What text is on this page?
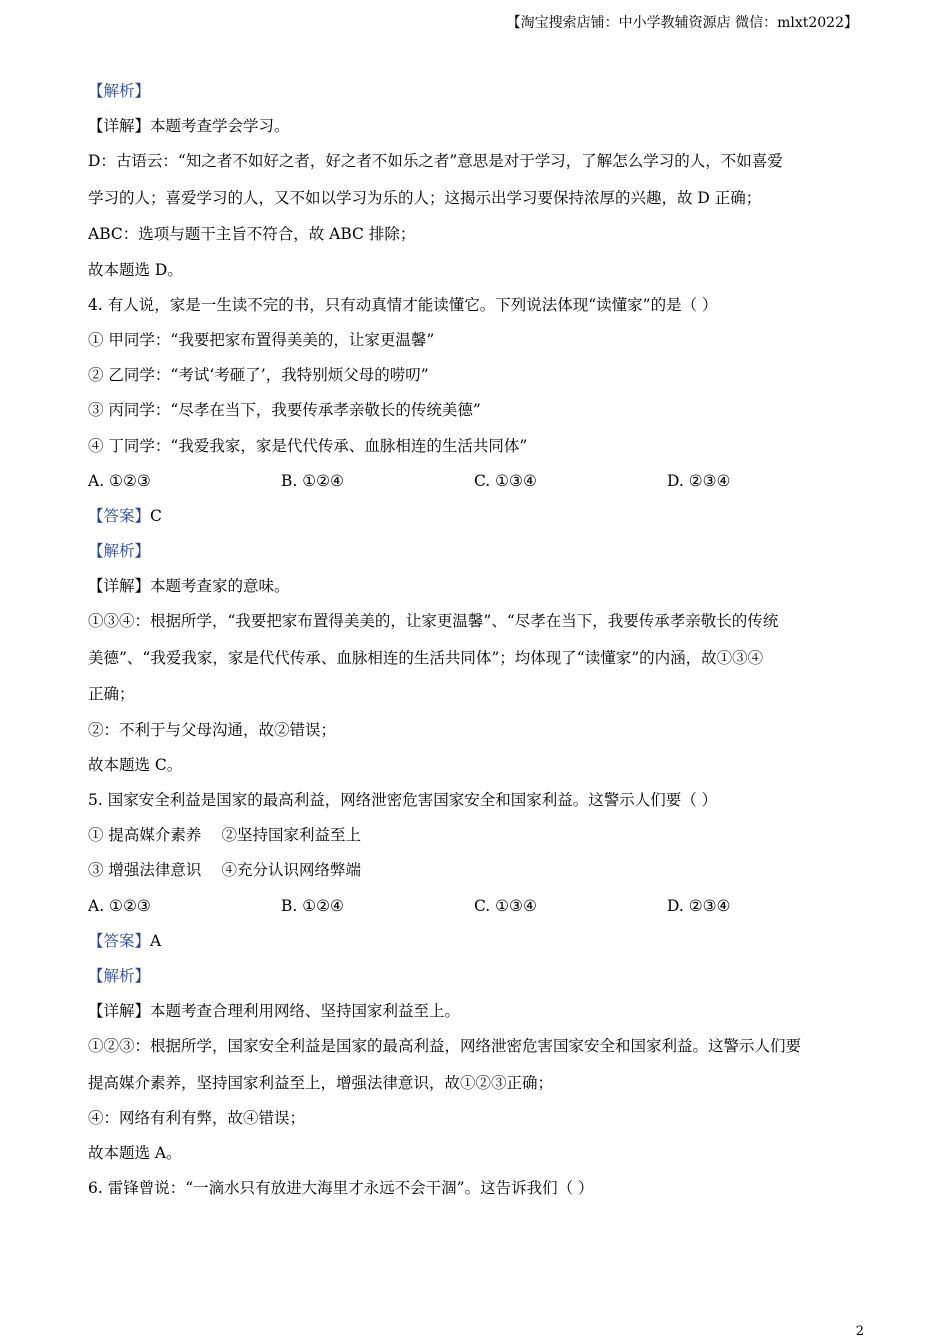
【淘宝搜索店铺：中小学教辅资源店 微信：mlxt2022】
【解析】
【详解】本题考查学会学习。
D：古语云：“知之者不如好之者，好之者不如乐之者”意思是对于学习，了解怎么学习的人，不如喜爱
学习的人；喜爱学习的人，又不如以学习为乐的人；这揭示出学习要保持浓厚的兴趣，故 D 正确；
ABC：选项与题干主旨不符合，故 ABC 排除；
故本题选 D。
4. 有人说，家是一生读不完的书，只有动真情才能读懂它。下列说法体现“读懂家”的是（ ）
① 甲同学：“我要把家布置得美美的，让家更温馨”
② 乙同学：“考试‘考砸了’，我特别烦父母的唠叨”
③ 丙同学：“尽孝在当下，我要传承孝亲敬长的传统美德”
④ 丁同学：“我爱我家，家是代代传承、血脉相连的生活共同体”
A. ①②③	B. ①②④	C. ①③④	D. ②③④
【答案】C
【解析】
【详解】本题考查家的意味。
①③④：根据所学，“我要把家布置得美美的，让家更温馨”、“尽孝在当下，我要传承孝亲敬长的传统
美德”、“我爱我家，家是代代传承、血脉相连的生活共同体”；均体现了“读懂家”的内涵，故①③④
正确；
②：不利于与父母沟通，故②错误；
故本题选 C。
5. 国家安全利益是国家的最高利益，网络泄密危害国家安全和国家利益。这警示人们要（ ）
① 提高媒介素养 ②坚持国家利益至上
③ 增强法律意识 ④充分认识网络弊端
A. ①②③	B. ①②④	C. ①③④	D. ②③④
【答案】A
【解析】
【详解】本题考查合理利用网络、坚持国家利益至上。
①②③：根据所学，国家安全利益是国家的最高利益，网络泄密危害国家安全和国家利益。这警示人们要
提高媒介素养，坚持国家利益至上，增强法律意识，故①②③正确；
④：网络有利有弊，故④错误；
故本题选 A。
6. 雷锋曾说：“一滴水只有放进大海里才永远不会干涸”。这告诉我们（ ）
2
